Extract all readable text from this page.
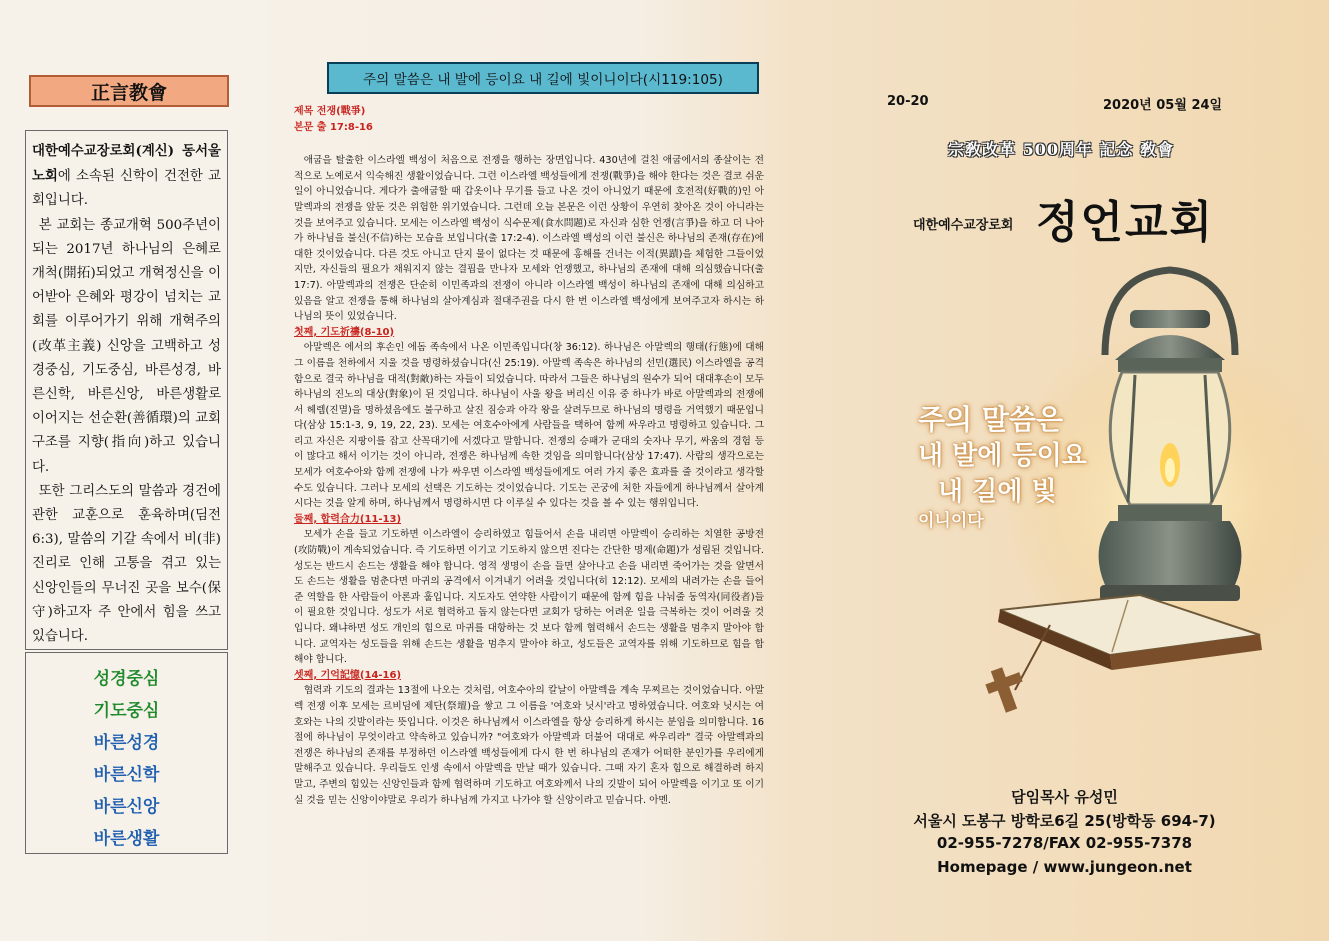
正言教會

대한예수교장로회(계신) 동서울 노회에 소속된 신학이 건전한 교회입니다.

본 교회는 종교개혁 500주년이 되는 2017년 하나님의 은혜로 개척(開拓)되었고 개혁정신을 이어받아 은혜와 평강이 넘치는 교회를 이루어가기 위해 개혁주의(改革主義) 신앙을 고백하고 성경중심, 기도중심, 바른성경, 바른신학, 바른신앙, 바른생활로 이어지는 선순환(善循環)의 교회 구조를 지향(指向)하고 있습니다.

또한 그리스도의 말씀과 경건에 관한 교훈으로 훈육하며(딤전 6:3), 말씀의 기갈 속에서 비(非) 진리로 인해 고통을 겪고 있는 신앙인들의 무너진 곳을 보수(保守)하고자 주 안에서 힘을 쓰고 있습니다.

성경중심
기도중심
바른성경
바른신학
바른신앙
바른생활
주의 말씀은 내 발에 등이요 내 길에 빛이니이다(시119:105)
제목 전쟁(戰爭)
본문 출 17:8-16

애굽을 탈출한 이스라엘 백성이 처음으로 전쟁을 행하는 장면입니다. 430년에 걸친 애굽에서의 종살이는 전적으로 노예로서 익숙해진 생활이었습니다. 그런 이스라엘 백성들에게 전쟁(戰爭)을 해야 한다는 것은 결코 쉬운 일이 아니었습니다. 게다가 출애굽할 때 갑옷이나 무기를 들고 나온 것이 아니었기 때문에 호전적(好戰的)인 아말렉과의 전쟁을 앞둔 것은 위험한 위기였습니다. 그런데 오늘 본문은 이런 상황이 우연히 찾아온 것이 아니라는 것을 보여주고 있습니다. 모세는 이스라엘 백성이 식수문제(食水問題)로 자신과 심한 언쟁(言爭)을 하고 더 나아가 하나님을 불신(不信)하는 모습을 보입니다(출 17:2-4). 이스라엘 백성의 이런 불신은 하나님의 존재(存在)에 대한 것이었습니다. 다른 것도 아니고 단지 물이 없다는 것 때문에 홍해를 건너는 이적(異蹟)을 체험한 그들이었지만, 자신들의 필요가 채워지지 않는 결핍을 만나자 모세와 언쟁했고, 하나님의 존재에 대해 의심했습니다(출 17:7). 아말렉과의 전쟁은 단순히 이민족과의 전쟁이 아니라 이스라엘 백성이 하나님의 존재에 대해 의심하고 있음을 알고 전쟁을 통해 하나님의 살아계심과 절대주권을 다시 한 번 이스라엘 백성에게 보여주고자 하시는 하나님의 뜻이 있었습니다.

첫째, 기도祈禱(8-10)

아말렉은 에서의 후손인 에돔 족속에서 나온 이민족입니다(창 36:12). 하나님은 아말렉의 행태(行態)에 대해 그 이름을 천하에서 지울 것을 명령하셨습니다(신 25:19). 아말렉 족속은 하나님의 선민(選民) 이스라엘을 공격함으로 결국 하나님을 대적(對敵)하는 자들이 되었습니다. 따라서 그들은 하나님의 원수가 되어 대대후손이 모두 하나님의 진노의 대상(對象)이 된 것입니다. 하나님이 사울 왕을 버리신 이유 중 하나가 바로 아말렉과의 전쟁에서 헤렘(진멸)을 명하셨음에도 불구하고 살진 짐승과 아각 왕을 살려두므로 하나님의 명령을 거역했기 때문입니다(삼상 15:1-3, 9, 19, 22, 23). 모세는 여호수아에게 사람들을 택하여 함께 싸우라고 명령하고 있습니다. 그리고 자신은 지팡이를 잡고 산꼭대기에 서겠다고 말합니다. 전쟁의 승패가 군대의 숫자나 무기, 싸움의 경험 등이 많다고 해서 이기는 것이 아니라, 전쟁은 하나님께 속한 것임을 의미합니다(삼상 17:47). 사람의 생각으로는 모세가 여호수아와 함께 전쟁에 나가 싸우면 이스라엘 백성들에게도 여러 가지 좋은 효과를 줄 것이라고 생각할 수도 있습니다. 그러나 모세의 선택은 기도하는 것이었습니다. 기도는 곤궁에 처한 자들에게 하나님께서 살아계시다는 것을 알게 하며, 하나님께서 명령하시면 다 이루실 수 있다는 것을 볼 수 있는 행위입니다.

둘째, 합력合力(11-13)

모세가 손을 들고 기도하면 이스라엘이 승리하였고 힘들어서 손을 내리면 아말렉이 승리하는 치열한 공방전(攻防戰)이 계속되었습니다. 즉 기도하면 이기고 기도하지 않으면 진다는 간단한 명제(命題)가 성립된 것입니다. 성도는 반드시 손드는 생활을 해야 합니다. 영적 생명이 손을 들면 살아나고 손을 내리면 죽어가는 것을 알면서도 손드는 생활을 멈춘다면 마귀의 공격에서 이겨내기 어려울 것입니다(히 12:12). 모세의 내려가는 손을 들어준 역할을 한 사람들이 아론과 훌입니다. 지도자도 연약한 사람이기 때문에 함께 힘을 나눠줄 동역자(同役者)들이 필요한 것입니다. 성도가 서로 협력하고 돕지 않는다면 교회가 당하는 어려운 일을 극복하는 것이 어려울 것입니다. 왜냐하면 성도 개인의 힘으로 마귀를 대항하는 것 보다 함께 협력해서 손드는 생활을 멈추지 말아야 합니다. 교역자는 성도들을 위해 손드는 생활을 멈추지 말아야 하고, 성도들은 교역자를 위해 기도하므로 힘을 합해야 합니다.

셋째, 기억記憶(14-16)

협력과 기도의 결과는 13절에 나오는 것처럼, 여호수아의 칼날이 아말렉을 계속 무찌르는 것이었습니다. 아말렉 전쟁 이후 모세는 르비딤에 제단(祭壇)을 쌓고 그 이름을 '여호와 닛시'라고 명하였습니다. 여호와 닛시는 여호와는 나의 깃발이라는 뜻입니다. 이것은 하나님께서 이스라엘을 항상 승리하게 하시는 분임을 의미합니다. 16절에 하나님이 무엇이라고 약속하고 있습니까? "여호와가 아말렉과 더불어 대대로 싸우리라" 결국 아말렉과의 전쟁은 하나님의 존재를 부정하던 이스라엘 백성들에게 다시 한 번 하나님의 존재가 어떠한 분인가를 우리에게 말해주고 있습니다. 우리들도 인생 속에서 아말렉을 만날 때가 있습니다. 그때 자기 혼자 힘으로 해결하려 하지 말고, 주변의 힘있는 신앙인들과 함께 협력하며 기도하고 여호와께서 나의 깃발이 되어 아말렉을 이기고 또 이기실 것을 믿는 신앙이야말로 우리가 하나님께 가지고 나가야 할 신앙이라고 믿습니다. 아멘.

20-20	2020년 05월 24일
宗敎改革 500周年 記念 敎會
대한예수교장로회 정언교회
주의 말씀은
내 발에 등이요
내 길에 빛
이니이다
담임목사 유성민
서울시 도봉구 방학로6길 25(방학동 694-7)
02-955-7278/FAX 02-955-7378
Homepage / www.jungeon.net
